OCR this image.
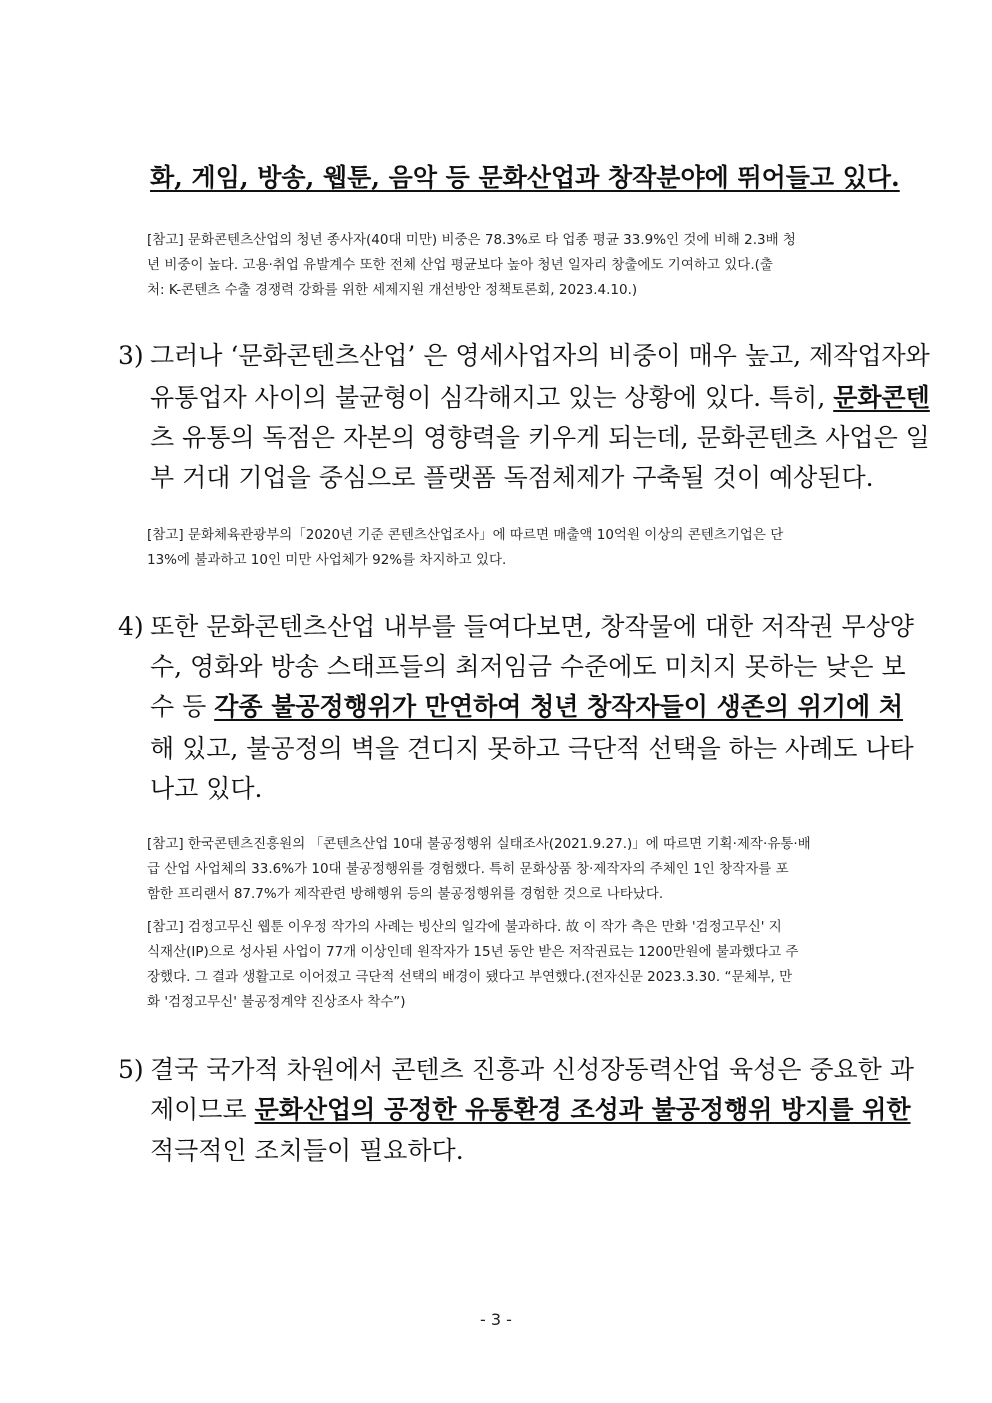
화, 게임, 방송, 웹툰, 음악 등 문화산업과 창작분야에 뛰어들고 있다.
[참고] 문화콘텐츠산업의 청년 종사자(40대 미만) 비중은 78.3%로 타 업종 평균 33.9%인 것에 비해 2.3배 청
년 비중이 높다. 고용·취업 유발계수 또한 전체 산업 평균보다 높아 청년 일자리 창출에도 기여하고 있다.(출
처: K-콘텐츠 수출 경쟁력 강화를 위한 세제지원 개선방안 정책토론회, 2023.4.10.)
3) 그러나 ‘문화콘텐츠산업’ 은 영세사업자의 비중이 매우 높고, 제작업자와
유통업자 사이의 불균형이 심각해지고 있는 상황에 있다. 특히, 문화콘텐
츠 유통의 독점은 자본의 영향력을 키우게 되는데, 문화콘텐츠 사업은 일
부 거대 기업을 중심으로 플랫폼 독점체제가 구축될 것이 예상된다.
[참고] 문화체육관광부의「2020년 기준 콘텐츠산업조사」에 따르면 매출액 10억원 이상의 콘텐츠기업은 단
13%에 불과하고 10인 미만 사업체가 92%를 차지하고 있다.
4) 또한 문화콘텐츠산업 내부를 들여다보면, 창작물에 대한 저작권 무상양
수, 영화와 방송 스태프들의 최저임금 수준에도 미치지 못하는 낮은 보
수 등 각종 불공정행위가 만연하여 청년 창작자들이 생존의 위기에 처
해 있고, 불공정의 벽을 견디지 못하고 극단적 선택을 하는 사례도 나타
나고 있다.
[참고] 한국콘텐츠진흥원의 「콘텐츠산업 10대 불공정행위 실태조사(2021.9.27.)」에 따르면 기획·제작·유통·배
급 산업 사업체의 33.6%가 10대 불공정행위를 경험했다. 특히 문화상품 창·제작자의 주체인 1인 창작자를 포
함한 프리랜서 87.7%가 제작관련 방해행위 등의 불공정행위를 경험한 것으로 나타났다.
[참고] 검정고무신 웹툰 이우정 작가의 사례는 빙산의 일각에 불과하다. 故 이 작가 측은 만화 '검정고무신' 지
식재산(IP)으로 성사된 사업이 77개 이상인데 원작자가 15년 동안 받은 저작권료는 1200만원에 불과했다고 주
장했다. 그 결과 생활고로 이어졌고 극단적 선택의 배경이 됐다고 부연했다.(전자신문 2023.3.30. “문체부, 만
화 '검정고무신' 불공정계약 진상조사 착수”)
5) 결국 국가적 차원에서 콘텐츠 진흥과 신성장동력산업 육성은 중요한 과
제이므로 문화산업의 공정한 유통환경 조성과 불공정행위 방지를 위한
적극적인 조치들이 필요하다.
- 3 -
